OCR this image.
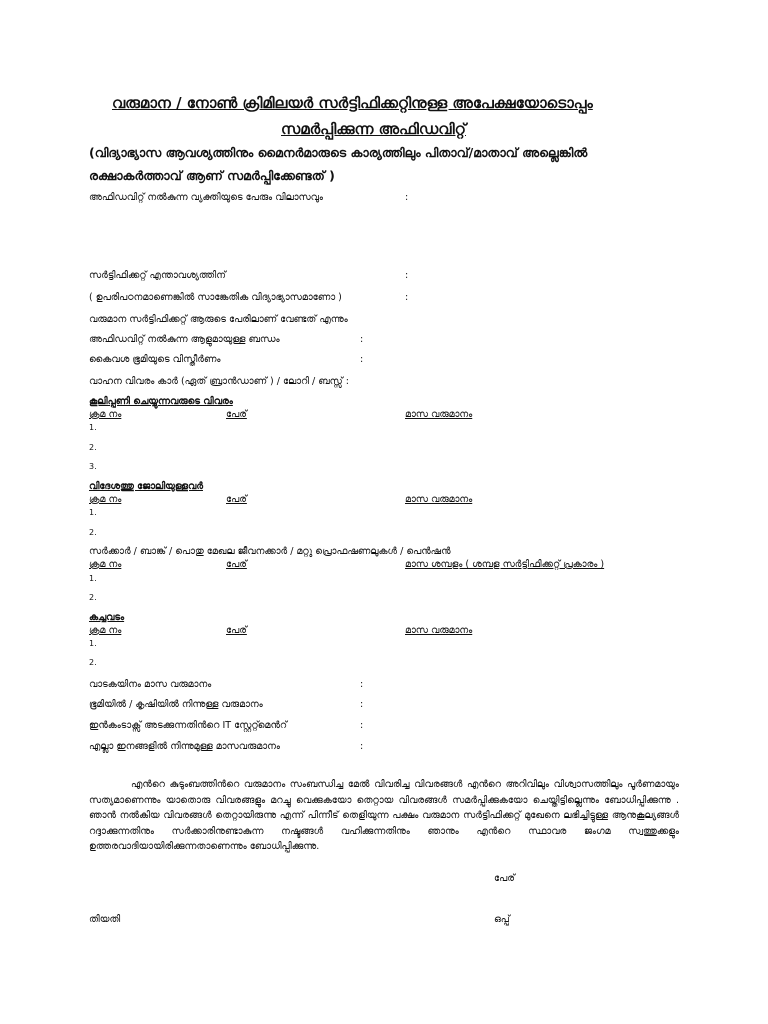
വരുമാന / നോണ്‍ ക്രിമിലയര്‍ സര്‍ട്ടിഫിക്കറ്റിനുള്ള അപേക്ഷയോടൊപ്പം
സമര്‍പ്പിക്കുന്ന അഫിഡവിറ്റ്
(വിദ്യാഭ്യാസ ആവശ്യത്തിനും മൈനര്‍മാരുടെ കാര്യത്തിലും പിതാവ്/മാതാവ് അല്ലെങ്കില്‍
രക്ഷാകര്‍ത്താവ് ആണ് സമര്‍പ്പിക്കേണ്ടത് )
അഫിഡവിറ്റ് നല്‍കുന്ന വ്യക്തിയുടെ പേരും വിലാസവും	:
സര്‍ട്ടിഫിക്കറ്റ് എന്താവശ്യത്തിന്	:
( ഉപരിപഠനമാണെങ്കില്‍ സാങ്കേതിക വിദ്യാഭ്യാസമാണോ )	:
വരുമാന സര്‍ട്ടിഫിക്കറ്റ് ആരുടെ പേരിലാണ് വേണ്ടത് എന്നും
അഫിഡവിറ്റ് നല്‍കുന്ന ആളുമായുള്ള ബന്ധം	:
കൈവശ ഭൂമിയുടെ വിസ്തീര്‍ണം	:
വാഹന വിവരം കാര്‍ (ഏത് ബ്രാന്‍ഡാണ് ) / ലോറി / ബസ്സ് :
കൂലിപ്പണി ചെയ്യുന്നവരുടെ വിവരം
ക്രമ നം	പേര്	മാസ വരുമാനം
1.
2.
3.
വിദേശത്തു ജോലിയുള്ളവര്‍
ക്രമ നം	പേര്	മാസ വരുമാനം
1.
2.
സര്‍ക്കാര്‍ / ബാങ്ക് / പൊതു മേഖല ജീവനക്കാര്‍ / മറ്റു പ്രൊഫഷണലുകള്‍ / പെന്‍ഷന്‍
ക്രമ നം	പേര്	മാസ ശമ്പളം ( ശമ്പള സര്‍ട്ടിഫിക്കറ്റ് പ്രകാരം )
1.
2.
കച്ചവടം
ക്രമ നം	പേര്	മാസ വരുമാനം
1.
2.
വാടകയിനം മാസ വരുമാനം	:
ഭൂമിയില്‍ / കൃഷിയില്‍ നിന്നുള്ള വരുമാനം	:
ഇന്‍കംടാക്സ് അടക്കുന്നതിന്‍റെ IT സ്റ്റേറ്റ്മെന്‍റ്	:
എല്ലാ ഇനങ്ങളില്‍ നിന്നുമുള്ള മാസവരുമാനം	:
എന്‍റെ കുടുംബത്തിന്‍റെ വരുമാനം സംബന്ധിച്ച മേല്‍ വിവരിച്ച വിവരങ്ങള്‍ എന്‍റെ അറിവിലും വിശ്വാസത്തിലും പൂര്‍ണമായും സത്യമാണെന്നും യാതൊരു വിവരങ്ങളും മറച്ചു വെക്കുകയോ തെറ്റായ വിവരങ്ങള്‍ സമര്‍പ്പിക്കുകയോ ചെയ്തിട്ടില്ലെന്നും ബോധിപ്പിക്കുന്നു . ഞാന്‍ നല്‍കിയ വിവരങ്ങള്‍ തെറ്റായിരുന്നു എന്ന് പിന്നീട് തെളിയുന്ന പക്ഷം വരുമാന സര്‍ട്ടിഫിക്കറ്റ് മുഖേനെ ലഭിച്ചിട്ടുള്ള ആനുകൂല്യങ്ങള്‍ റദ്ദാക്കുന്നതിനും സര്‍ക്കാരിനുണ്ടാകുന്ന നഷ്ടങ്ങള്‍ വഹിക്കുന്നതിനും ഞാനും എന്‍റെ സ്ഥാവര ജംഗമ സ്വത്തുക്കളും ഉത്തരവാദിയായിരിക്കുന്നതാണെന്നും ബോധിപ്പിക്കുന്നു.
പേര്
തിയതി	ഒപ്പ്
